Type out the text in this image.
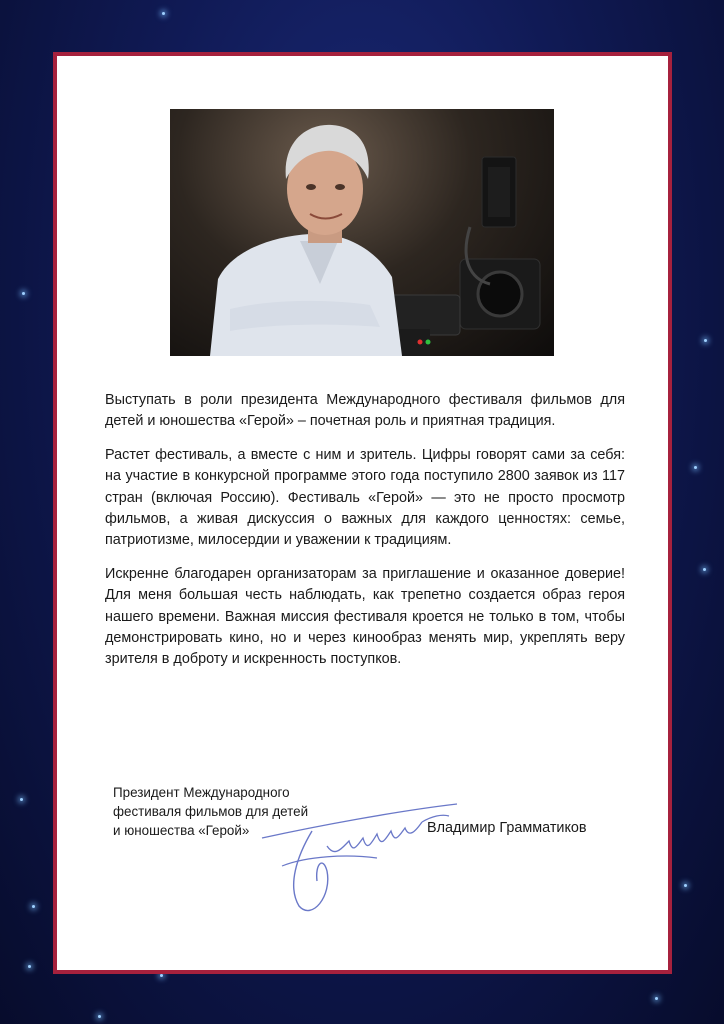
Выступать в роли президента Международного фестиваля фильмов для детей и юношества «Герой» – почетная роль и приятная традиция.

Растет фестиваль, а вместе с ним и зритель. Цифры говорят сами за себя: на участие в конкурсной программе этого года поступило 2800 заявок из 117 стран (включая Россию). Фестиваль «Герой» — это не просто просмотр фильмов, а живая дискуссия о важных для каждого ценностях: семье, патриотизме, милосердии и уважении к традициям.

Искренне благодарен организаторам за приглашение и оказанное доверие! Для меня большая честь наблюдать, как трепетно создается образ героя нашего времени. Важная миссия фестиваля кроется не только в том, чтобы демонстрировать кино, но и через кинообраз менять мир, укреплять веру зрителя в доброту и искренность поступков.

Президент Международного
фестиваля фильмов для детей
и юношества «Герой»	Владимир Грамматиков
